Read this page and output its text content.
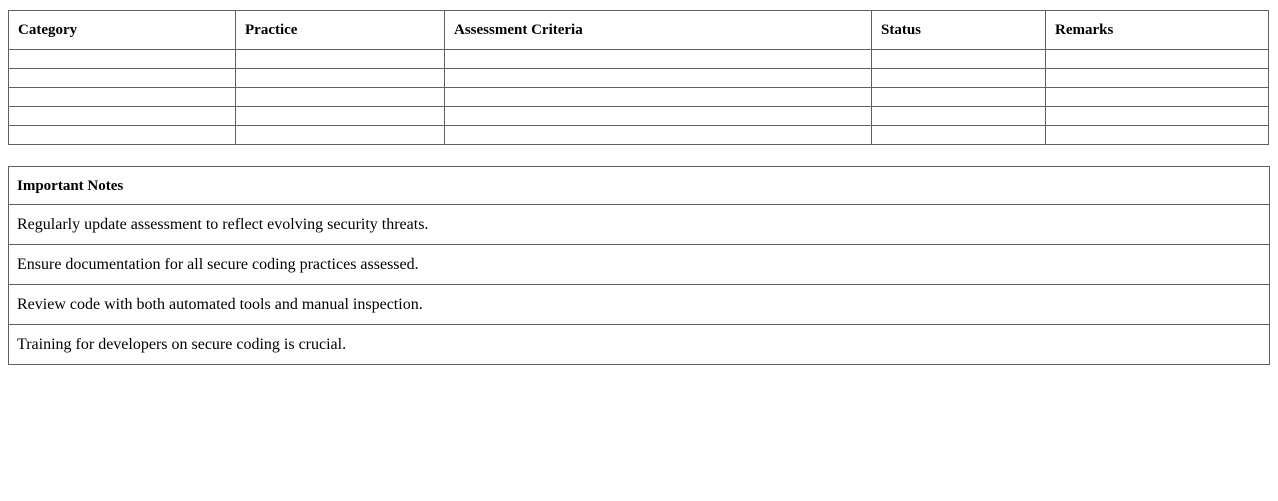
Category	Practice	Assessment Criteria	Status	Remarks

Important Notes
Regularly update assessment to reflect evolving security threats.
Ensure documentation for all secure coding practices assessed.
Review code with both automated tools and manual inspection.
Training for developers on secure coding is crucial.
